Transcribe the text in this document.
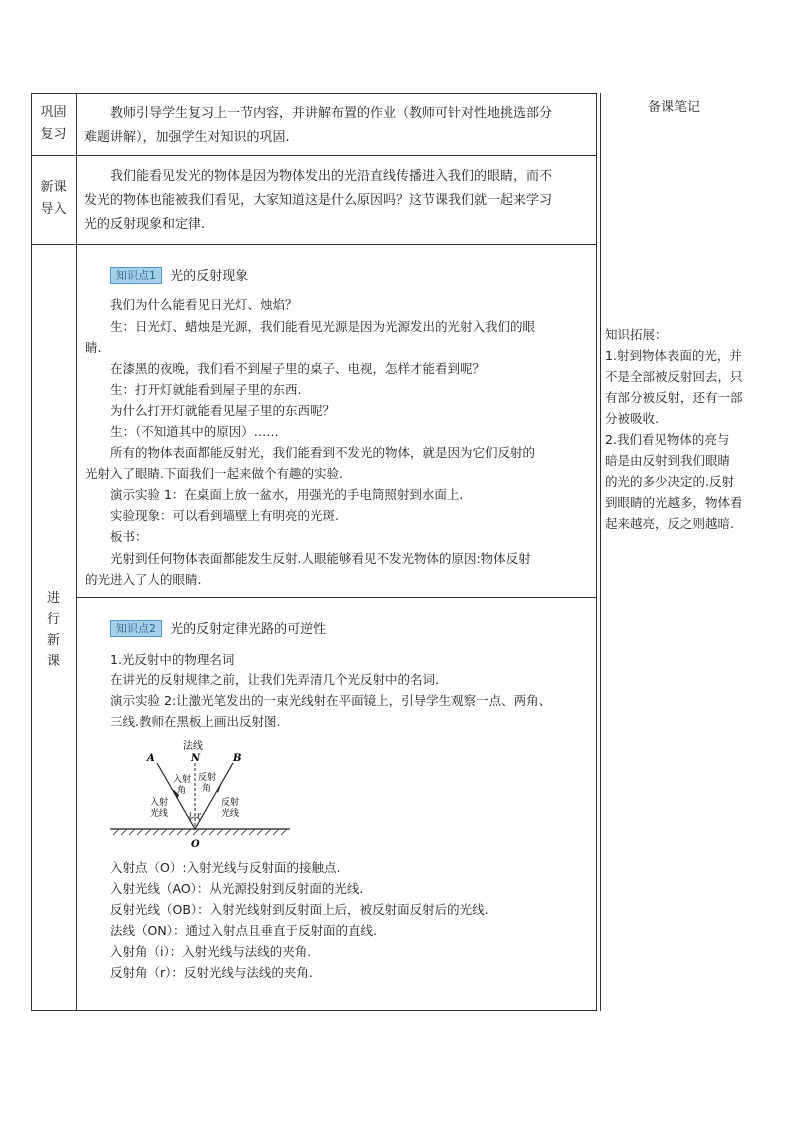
备课笔记
知识拓展：
1.射到物体表面的光，并
不是全部被反射回去，只
有部分被反射，还有一部
分被吸收.
2.我们看见物体的亮与
暗是由反射到我们眼睛
的光的多少决定的.反射
到眼睛的光越多，物体看
起来越亮，反之则越暗.
巩固
复习
　　教师引导学生复习上一节内容，并讲解布置的作业（教师可针对性地挑选部分
难题讲解），加强学生对知识的巩固.
新课
导入
　　我们能看见发光的物体是因为物体发出的光沿直线传播进入我们的眼睛，而不
发光的物体也能被我们看见，大家知道这是什么原因吗？这节课我们就一起来学习
光的反射现象和定律.
进
行
新
课
知识点1 光的反射现象
我们为什么能看见日光灯、烛焰？
生：日光灯、蜡烛是光源，我们能看见光源是因为光源发出的光射入我们的眼
睛.
在漆黑的夜晚，我们看不到屋子里的桌子、电视，怎样才能看到呢？
生：打开灯就能看到屋子里的东西.
为什么打开灯就能看见屋子里的东西呢？
生：（不知道其中的原因）……
所有的物体表面都能反射光，我们能看到不发光的物体，就是因为它们反射的
光射入了眼睛.下面我们一起来做个有趣的实验.
演示实验 1：在桌面上放一盆水，用强光的手电筒照射到水面上.
实验现象：可以看到墙壁上有明亮的光斑.
板书：
光射到任何物体表面都能发生反射.人眼能够看见不发光物体的原因:物体反射
的光进入了人的眼睛.
知识点2 光的反射定律光路的可逆性
1.光反射中的物理名词
在讲光的反射规律之前，让我们先弄清几个光反射中的名词.
演示实验 2:让激光笔发出的一束光线射在平面镜上，引导学生观察一点、两角、
三线.教师在黑板上画出反射图.
法线
N
A	B
O
i r
入射
角
反射
角
入射
光线
反射
光线
入射点（O）:入射光线与反射面的接触点.
入射光线（AO）：从光源投射到反射面的光线.
反射光线（OB）：入射光线射到反射面上后，被反射面反射后的光线.
法线（ON）：通过入射点且垂直于反射面的直线.
入射角（i）：入射光线与法线的夹角.
反射角（r）：反射光线与法线的夹角.
